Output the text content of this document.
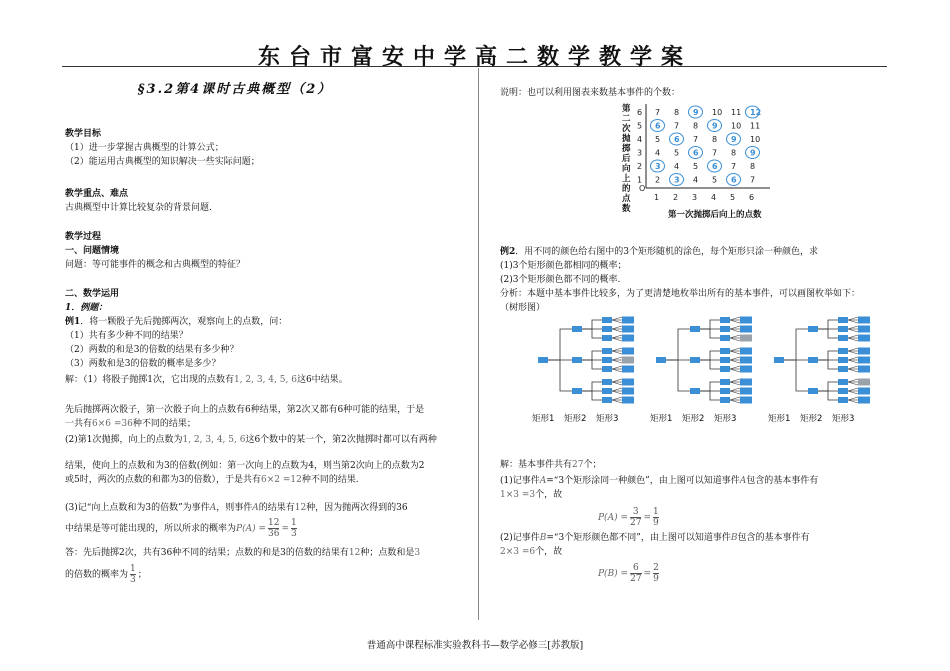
东台市富安中学高二数学教学案
§3.2第4课时古典概型（2）
教学目标
（1）进一步掌握古典概型的计算公式；
（2）能运用古典概型的知识解决一些实际问题；
教学重点、难点
古典概型中计算比较复杂的背景问题.
教学过程
一、问题情境
问题：等可能事件的概念和古典概型的特征？
二、数学运用
1．例题：
例1．将一颗骰子先后抛掷两次，观察向上的点数，问：
（1）共有多少种不同的结果？
（2）两数的和是3的倍数的结果有多少种？
（3）两数和是3的倍数的概率是多少？
解：（1）将骰子抛掷1次，它出现的点数有1, 2, 3, 4, 5, 6这6中结果。
先后抛掷两次骰子，第一次骰子向上的点数有6种结果，第2次又都有6种可能的结果，于是
一共有6×6 =36种不同的结果；
(2)第1次抛掷，向上的点数为1, 2, 3, 4, 5, 6这6个数中的某一个，第2次抛掷时都可以有两种
结果，使向上的点数和为3的倍数(例如：第一次向上的点数为4，则当第2次向上的点数为2
或5时，两次的点数的和都为3的倍数），于是共有6×2 =12种不同的结果.
(3)记“向上点数和为3的倍数”为事件A，则事件A的结果有12种，因为抛两次得到的36
中结果是等可能出现的，所以所求的概率为$P(A) = \frac{12}{36} = \frac{1}{3}$
答：先后抛掷2次，共有36种不同的结果；点数的和是3的倍数的结果有12种；点数和是3
的倍数的概率为 $\frac{1}{3}$ ；
说明：也可以利用图表来数基本事件的个数：
O
6
5
4
3
2
1
1 2 3 4 5 6
7 8 9 10 11 12
6 7 8 9 10 11
5 6 7 8 9 10
4 5 6 7 8 9
3 4 5 6 7 8
2 3 4 5 6 7
第二次抛掷后向上的点数
第一次抛掷后向上的点数
例2．用不同的颜色给右图中的3个矩形随机的涂色，每个矩形只涂一种颜色，求
(1)3个矩形颜色都相同的概率；
(2)3个矩形颜色都不同的概率.
分析：本题中基本事件比较多，为了更清楚地枚举出所有的基本事件，可以画图枚举如下：
（树形图）
矩形1 矩形2 矩形3	矩形1 矩形2 矩形3	矩形1 矩形2 矩形3
解：基本事件共有27个；
(1)记事件A=“3个矩形涂同一种颜色”，由上图可以知道事件A包含的基本事件有
1×3 =3个，故
$P(A) = \frac{3}{27} = \frac{1}{9}$
(2)记事件B=“3个矩形颜色都不同”，由上图可以知道事件B包含的基本事件有
2×3 =6个，故
$P(B) = \frac{6}{27} = \frac{2}{9}$
普通高中课程标准实验教科书—数学必修三[苏教版]
